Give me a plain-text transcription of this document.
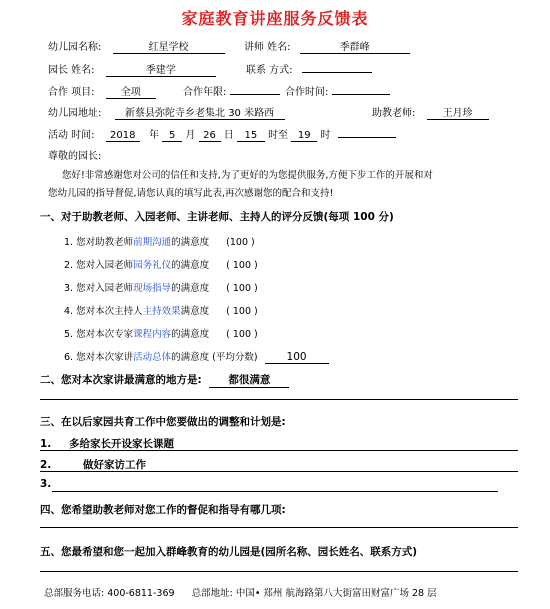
家庭教育讲座服务反馈表
幼儿园名称:	红星学校	讲师 姓名:	季群峰
园长 姓名:	季建学	联系 方式:
合作 项目:	全项	合作年限:	合作时间:
幼儿园地址: 新蔡县弥陀寺乡老集北 30 米路西	助教老师:	王月珍
活动 时间: 2018 年 5 月 26 日 15 时至 19 时
尊敬的园长:
您好!非常感谢您对公司的信任和支持,为了更好的为您提供服务,方便下步工作的开展和对
您幼儿园的指导督促,请您认真的填写此表,再次感谢您的配合和支持!
一、对于助教老师、入园老师、主讲老师、主持人的评分反馈(每项 100 分)
1. 您对助教老师前期沟通的满意度 (100 )
2. 您对入园老师园务礼仪的满意度 ( 100 )
3. 您对入园老师现场指导的满意度 ( 100 )
4. 您对本次主持人主持效果满意度 ( 100 )
5. 您对本次专家课程内容的满意度 ( 100 )
6. 您对本次家讲活动总体的满意度 (平均分数)	100
二、您对本次家讲最满意的地方是:	都很满意
三、在以后家园共育工作中您要做出的调整和计划是:
1. 多给家长开设家长课题
2.	做好家访工作
3.
四、您希望助教老师对您工作的督促和指导有哪几项:
五、您最希望和您一起加入群峰教育的幼儿园是(园所名称、园长姓名、联系方式)
总部服务电话: 400-6811-369 总部地址: 中国• 郑州 航海路第八大街富田财富广场 28 层
